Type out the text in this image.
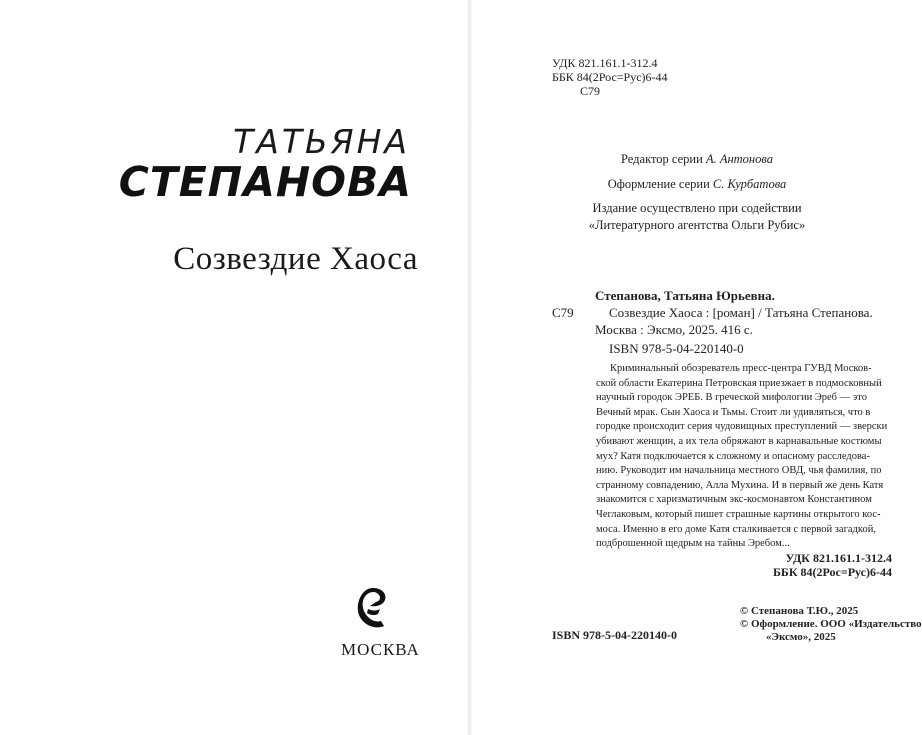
ТАТЬЯНА
СТЕПАНОВА
Созвездие Хаоса
МОСКВА
УДК 821.161.1-312.4
ББК 84(2Рос=Рус)6-44
С79
Редактор серии А. Антонова
Оформление серии С. Курбатова
Издание осуществлено при содействии
«Литературного агентства Ольги Рубис»
Степанова, Татьяна Юрьевна.
С79	Созвездие Хаоса : [роман] / Татьяна Степанова.
Москва : Эксмо, 2025. 416 с.
ISBN 978-5-04-220140-0
Криминальный обозреватель пресс-центра ГУВД Москов-
ской области Екатерина Петровская приезжает в подмосковный
научный городок ЭРЕБ. В греческой мифологии Эреб — это
Вечный мрак. Сын Хаоса и Тьмы. Стоит ли удивляться, что в
городке происходит серия чудовищных преступлений — зверски
убивают женщин, а их тела обряжают в карнавальные костюмы
мух? Катя подключается к сложному и опасному расследова-
нию. Руководит им начальница местного ОВД, чья фамилия, по
странному совпадению, Алла Мухина. И в первый же день Катя
знакомится с харизматичным экс-космонавтом Константином
Чеглаковым, который пишет страшные картины открытого кос-
моса. Именно в его доме Катя сталкивается с первой загадкой,
подброшенной щедрым на тайны Эребом...
УДК 821.161.1-312.4
ББК 84(2Рос=Рус)6-44
ISBN 978-5-04-220140-0
© Степанова Т.Ю., 2025
© Оформление. ООО «Издательство
«Эксмо», 2025
